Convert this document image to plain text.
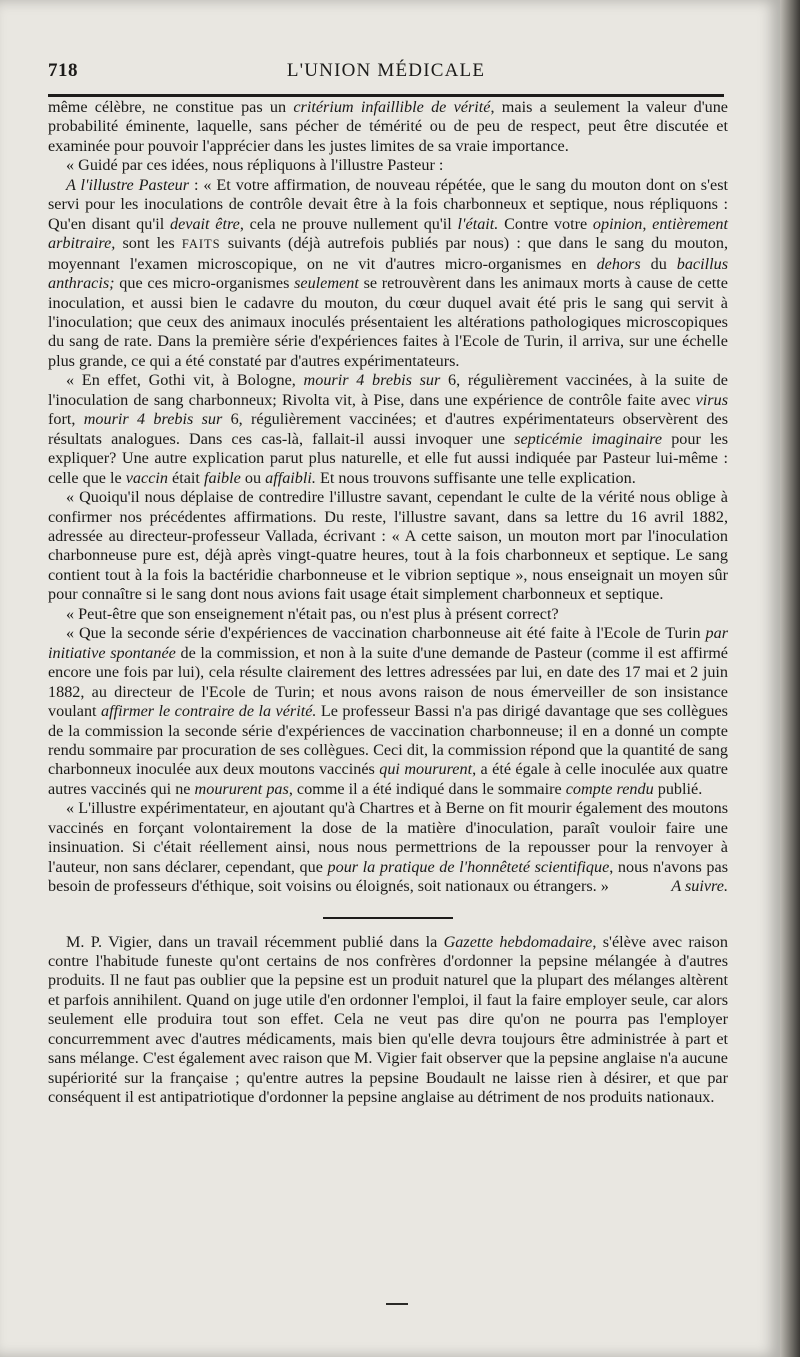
718	L'UNION MÉDICALE

même célèbre, ne constitue pas un critérium infaillible de vérité, mais a seulement la valeur d'une probabilité éminente, laquelle, sans pécher de témérité ou de peu de respect, peut être discutée et examinée pour pouvoir l'apprécier dans les justes limites de sa vraie importance.

« Guidé par ces idées, nous répliquons à l'illustre Pasteur :

A l'illustre Pasteur : « Et votre affirmation, de nouveau répétée, que le sang du mouton dont on s'est servi pour les inoculations de contrôle devait être à la fois charbonneux et septique, nous répliquons : Qu'en disant qu'il devait être, cela ne prouve nullement qu'il l'était. Contre votre opinion, entièrement arbitraire, sont les FAITS suivants (déjà autrefois publiés par nous) : que dans le sang du mouton, moyennant l'examen microscopique, on ne vit d'autres micro-organismes en dehors du bacillus anthracis; que ces micro-organismes seulement se retrouvèrent dans les animaux morts à cause de cette inoculation, et aussi bien le cadavre du mouton, du cœur duquel avait été pris le sang qui servit à l'inoculation; que ceux des animaux inoculés présentaient les altérations pathologiques microscopiques du sang de rate. Dans la première série d'expériences faites à l'Ecole de Turin, il arriva, sur une échelle plus grande, ce qui a été constaté par d'autres expérimentateurs.

« En effet, Gothi vit, à Bologne, mourir 4 brebis sur 6, régulièrement vaccinées, à la suite de l'inoculation de sang charbonneux; Rivolta vit, à Pise, dans une expérience de contrôle faite avec virus fort, mourir 4 brebis sur 6, régulièrement vaccinées; et d'autres expérimentateurs observèrent des résultats analogues. Dans ces cas-là, fallait-il aussi invoquer une septicémie imaginaire pour les expliquer? Une autre explication parut plus naturelle, et elle fut aussi indiquée par Pasteur lui-même : celle que le vaccin était faible ou affaibli. Et nous trouvons suffisante une telle explication.

« Quoiqu'il nous déplaise de contredire l'illustre savant, cependant le culte de la vérité nous oblige à confirmer nos précédentes affirmations. Du reste, l'illustre savant, dans sa lettre du 16 avril 1882, adressée au directeur-professeur Vallada, écrivant : « A cette saison, un mouton mort par l'inoculation charbonneuse pure est, déjà après vingt-quatre heures, tout à la fois charbonneux et septique. Le sang contient tout à la fois la bactéridie charbonneuse et le vibrion septique », nous enseignait un moyen sûr pour connaître si le sang dont nous avions fait usage était simplement charbonneux et septique.

« Peut-être que son enseignement n'était pas, ou n'est plus à présent correct?

« Que la seconde série d'expériences de vaccination charbonneuse ait été faite à l'Ecole de Turin par initiative spontanée de la commission, et non à la suite d'une demande de Pasteur (comme il est affirmé encore une fois par lui), cela résulte clairement des lettres adressées par lui, en date des 17 mai et 2 juin 1882, au directeur de l'Ecole de Turin; et nous avons raison de nous émerveiller de son insistance voulant affirmer le contraire de la vérité. Le professeur Bassi n'a pas dirigé davantage que ses collègues de la commission la seconde série d'expériences de vaccination charbonneuse; il en a donné un compte rendu sommaire par procuration de ses collègues. Ceci dit, la commission répond que la quantité de sang charbonneux inoculée aux deux moutons vaccinés qui moururent, a été égale à celle inoculée aux quatre autres vaccinés qui ne moururent pas, comme il a été indiqué dans le sommaire compte rendu publié.

« L'illustre expérimentateur, en ajoutant qu'à Chartres et à Berne on fit mourir également des moutons vaccinés en forçant volontairement la dose de la matière d'inoculation, paraît vouloir faire une insinuation. Si c'était réellement ainsi, nous nous permettrions de la repousser pour la renvoyer à l'auteur, non sans déclarer, cependant, que pour la pratique de l'honnêteté scientifique, nous n'avons pas besoin de professeurs d'éthique, soit voisins ou éloignés, soit nationaux ou étrangers. »	A suivre.

M. P. Vigier, dans un travail récemment publié dans la Gazette hebdomadaire, s'élève avec raison contre l'habitude funeste qu'ont certains de nos confrères d'ordonner la pepsine mélangée à d'autres produits. Il ne faut pas oublier que la pepsine est un produit naturel que la plupart des mélanges altèrent et parfois annihilent. Quand on juge utile d'en ordonner l'emploi, il faut la faire employer seule, car alors seulement elle produira tout son effet. Cela ne veut pas dire qu'on ne pourra pas l'employer concurremment avec d'autres médicaments, mais bien qu'elle devra toujours être administrée à part et sans mélange. C'est également avec raison que M. Vigier fait observer que la pepsine anglaise n'a aucune supériorité sur la française ; qu'entre autres la pepsine Boudault ne laisse rien à désirer, et que par conséquent il est antipatriotique d'ordonner la pepsine anglaise au détriment de nos produits nationaux.
